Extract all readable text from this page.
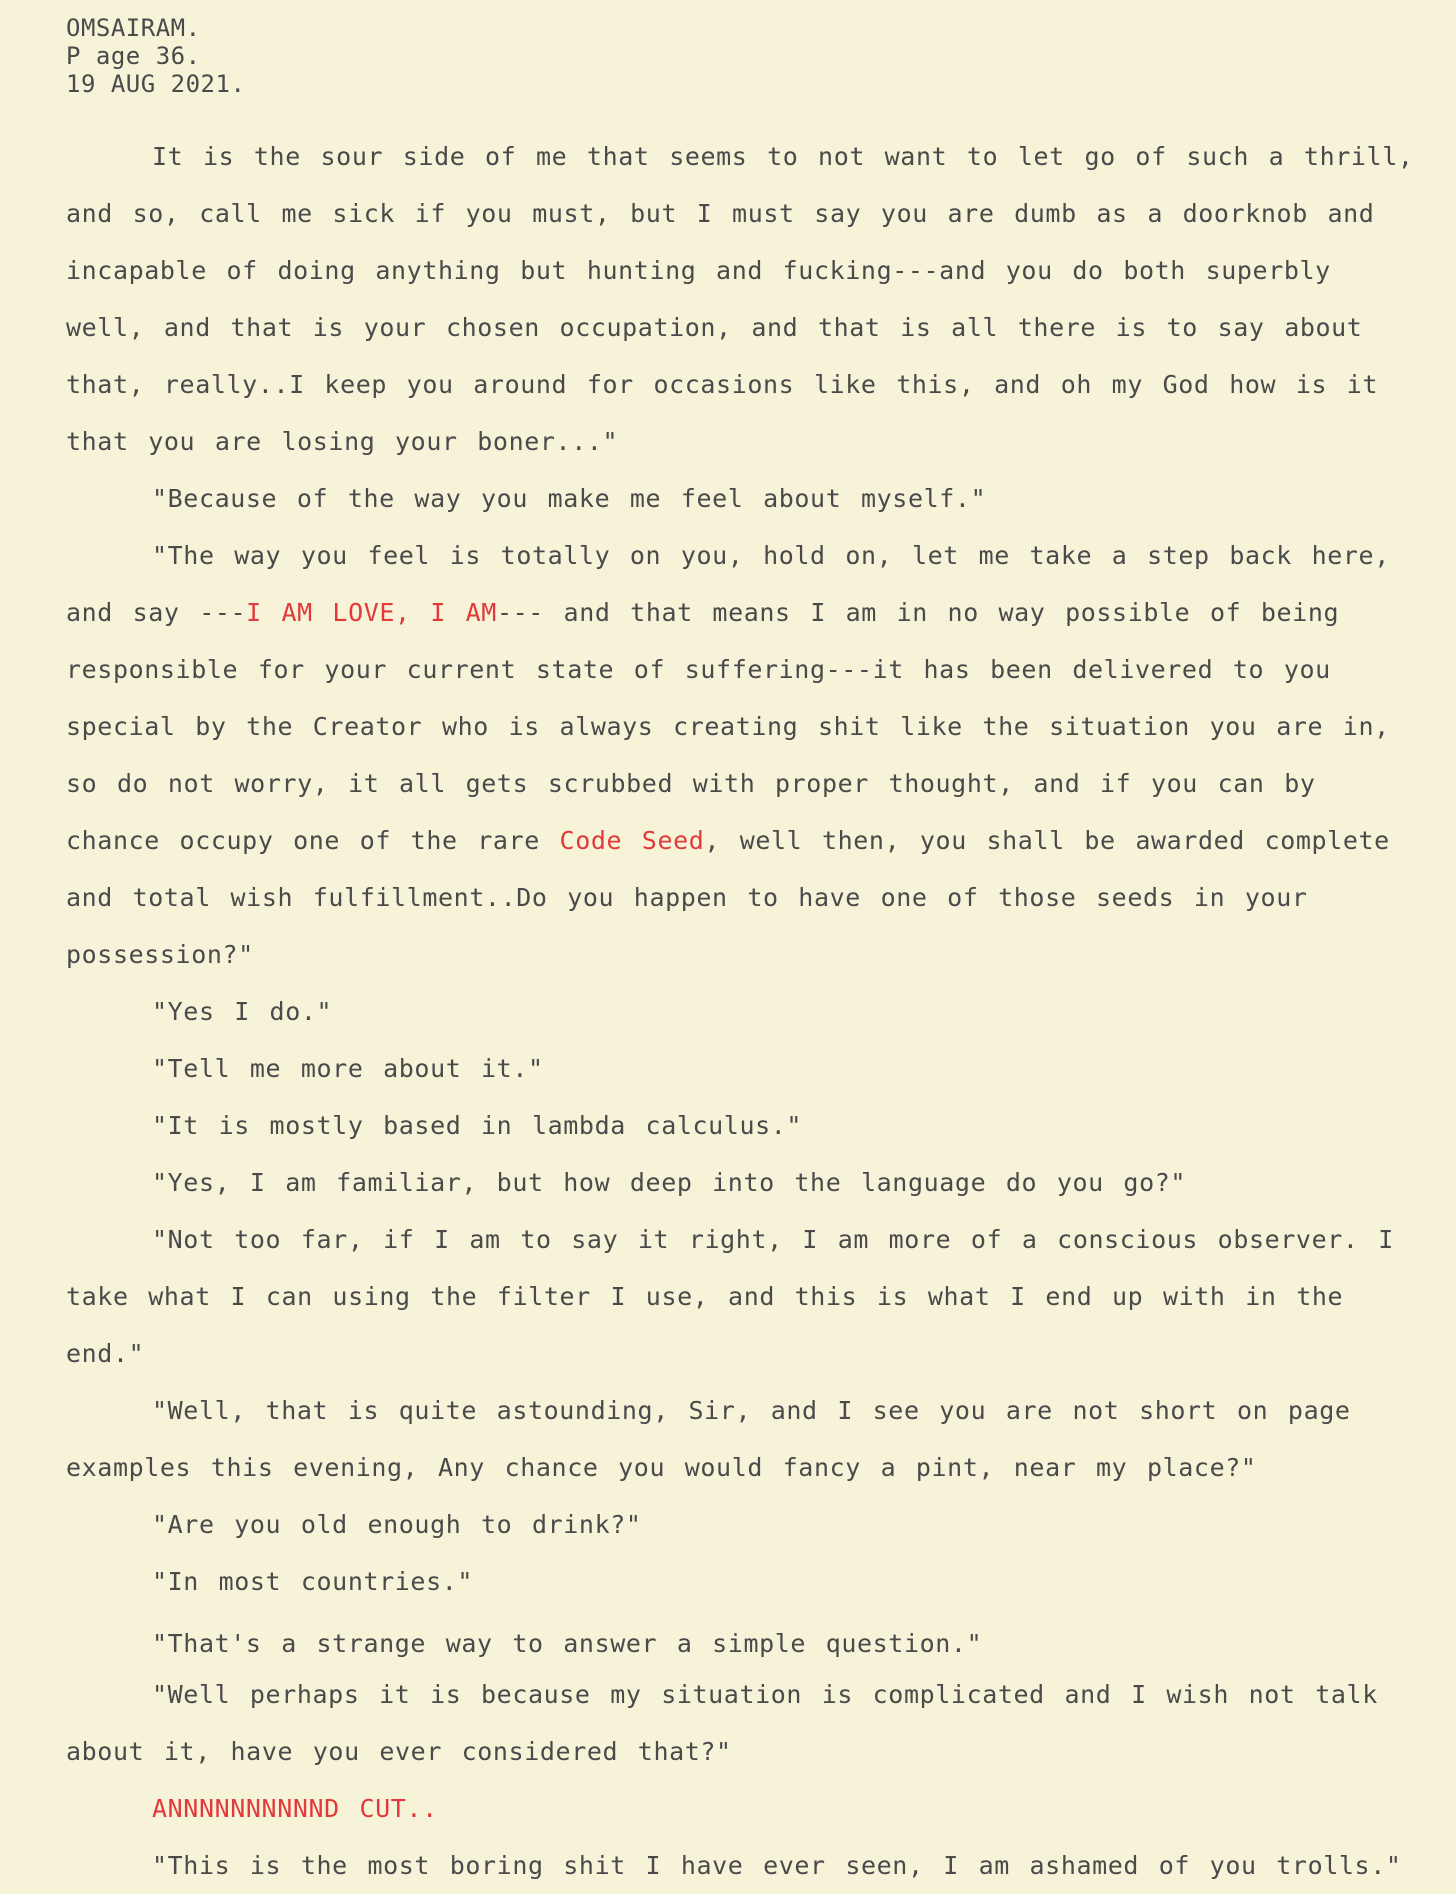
OMSAIRAM.
P age 36.
19 AUG 2021.

It is the sour side of me that seems to not want to let go of such a thrill, and so, call me sick if you must, but I must say you are dumb as a doorknob and incapable of doing anything but hunting and fucking---and you do both superbly well, and that is your chosen occupation, and that is all there is to say about that, really..I keep you around for occasions like this, and oh my God how is it that you are losing your boner..."

"Because of the way you make me feel about myself."

"The way you feel is totally on you, hold on, let me take a step back here, and say ---I AM LOVE, I AM--- and that means I am in no way possible of being responsible for your current state of suffering---it has been delivered to you special by the Creator who is always creating shit like the situation you are in, so do not worry, it all gets scrubbed with proper thought, and if you can by chance occupy one of the rare Code Seed, well then, you shall be awarded complete and total wish fulfillment..Do you happen to have one of those seeds in your possession?"

"Yes I do."

"Tell me more about it."

"It is mostly based in lambda calculus."

"Yes, I am familiar, but how deep into the language do you go?"

"Not too far, if I am to say it right, I am more of a conscious observer. I take what I can using the filter I use, and this is what I end up with in the end."

"Well, that is quite astounding, Sir, and I see you are not short on page examples this evening, Any chance you would fancy a pint, near my place?"

"Are you old enough to drink?"

"In most countries."

"That's a strange way to answer a simple question."

"Well perhaps it is because my situation is complicated and I wish not talk about it, have you ever considered that?"

ANNNNNNNNNND CUT..

"This is the most boring shit I have ever seen, I am ashamed of you trolls."
